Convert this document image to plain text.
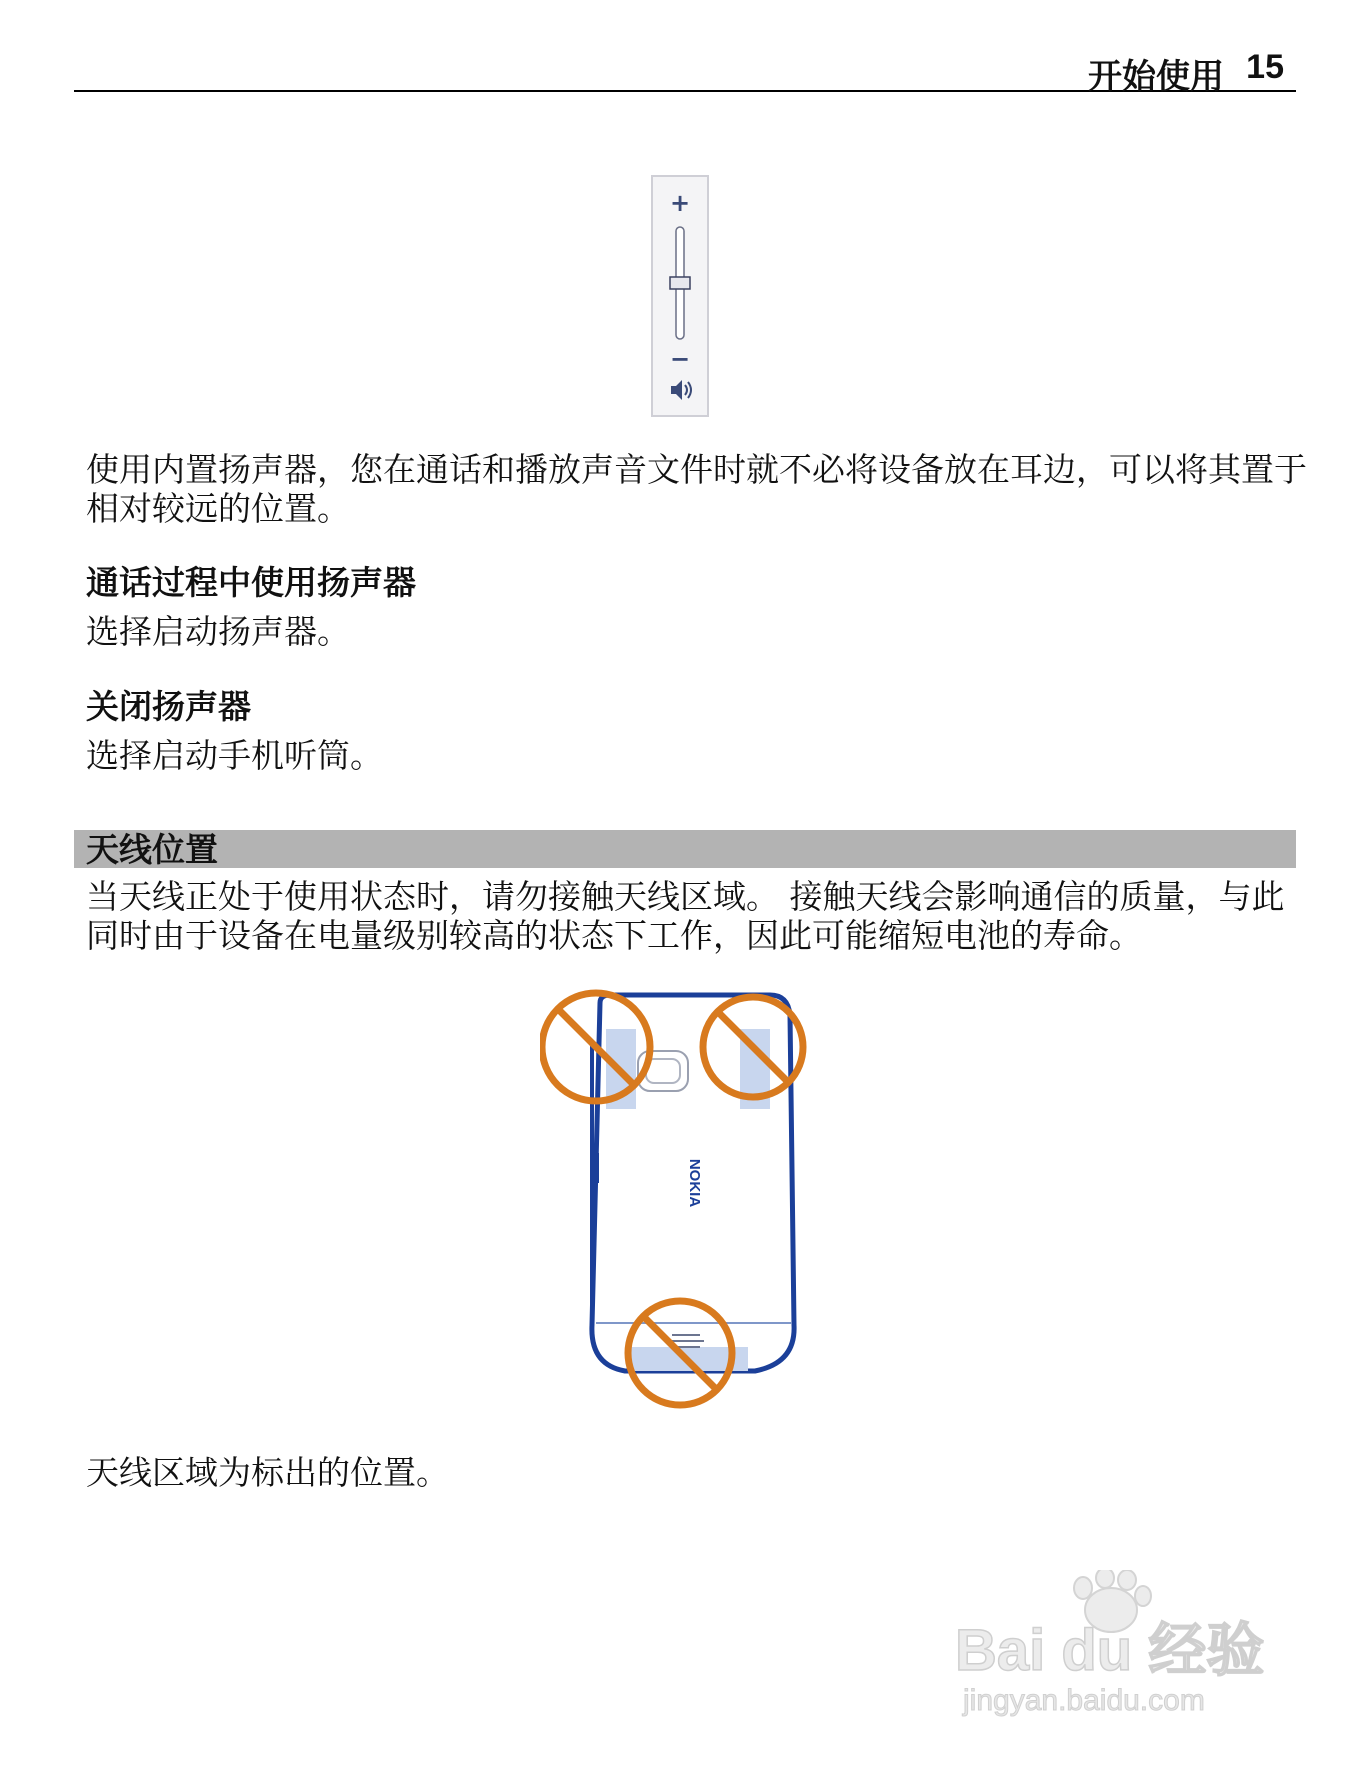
开始使用 15
+
−

使用内置扬声器，您在通话和播放声音文件时就不必将设备放在耳边，可以将其置于相对较远的位置。

通话过程中使用扬声器

选择启动扬声器。

关闭扬声器

选择启动手机听筒。

天线位置

当天线正处于使用状态时，请勿接触天线区域。 接触天线会影响通信的质量，与此同时由于设备在电量级别较高的状态下工作，因此可能缩短电池的寿命。

NOKIA

天线区域为标出的位置。

Bai du 经验
jingyan.baidu.com
